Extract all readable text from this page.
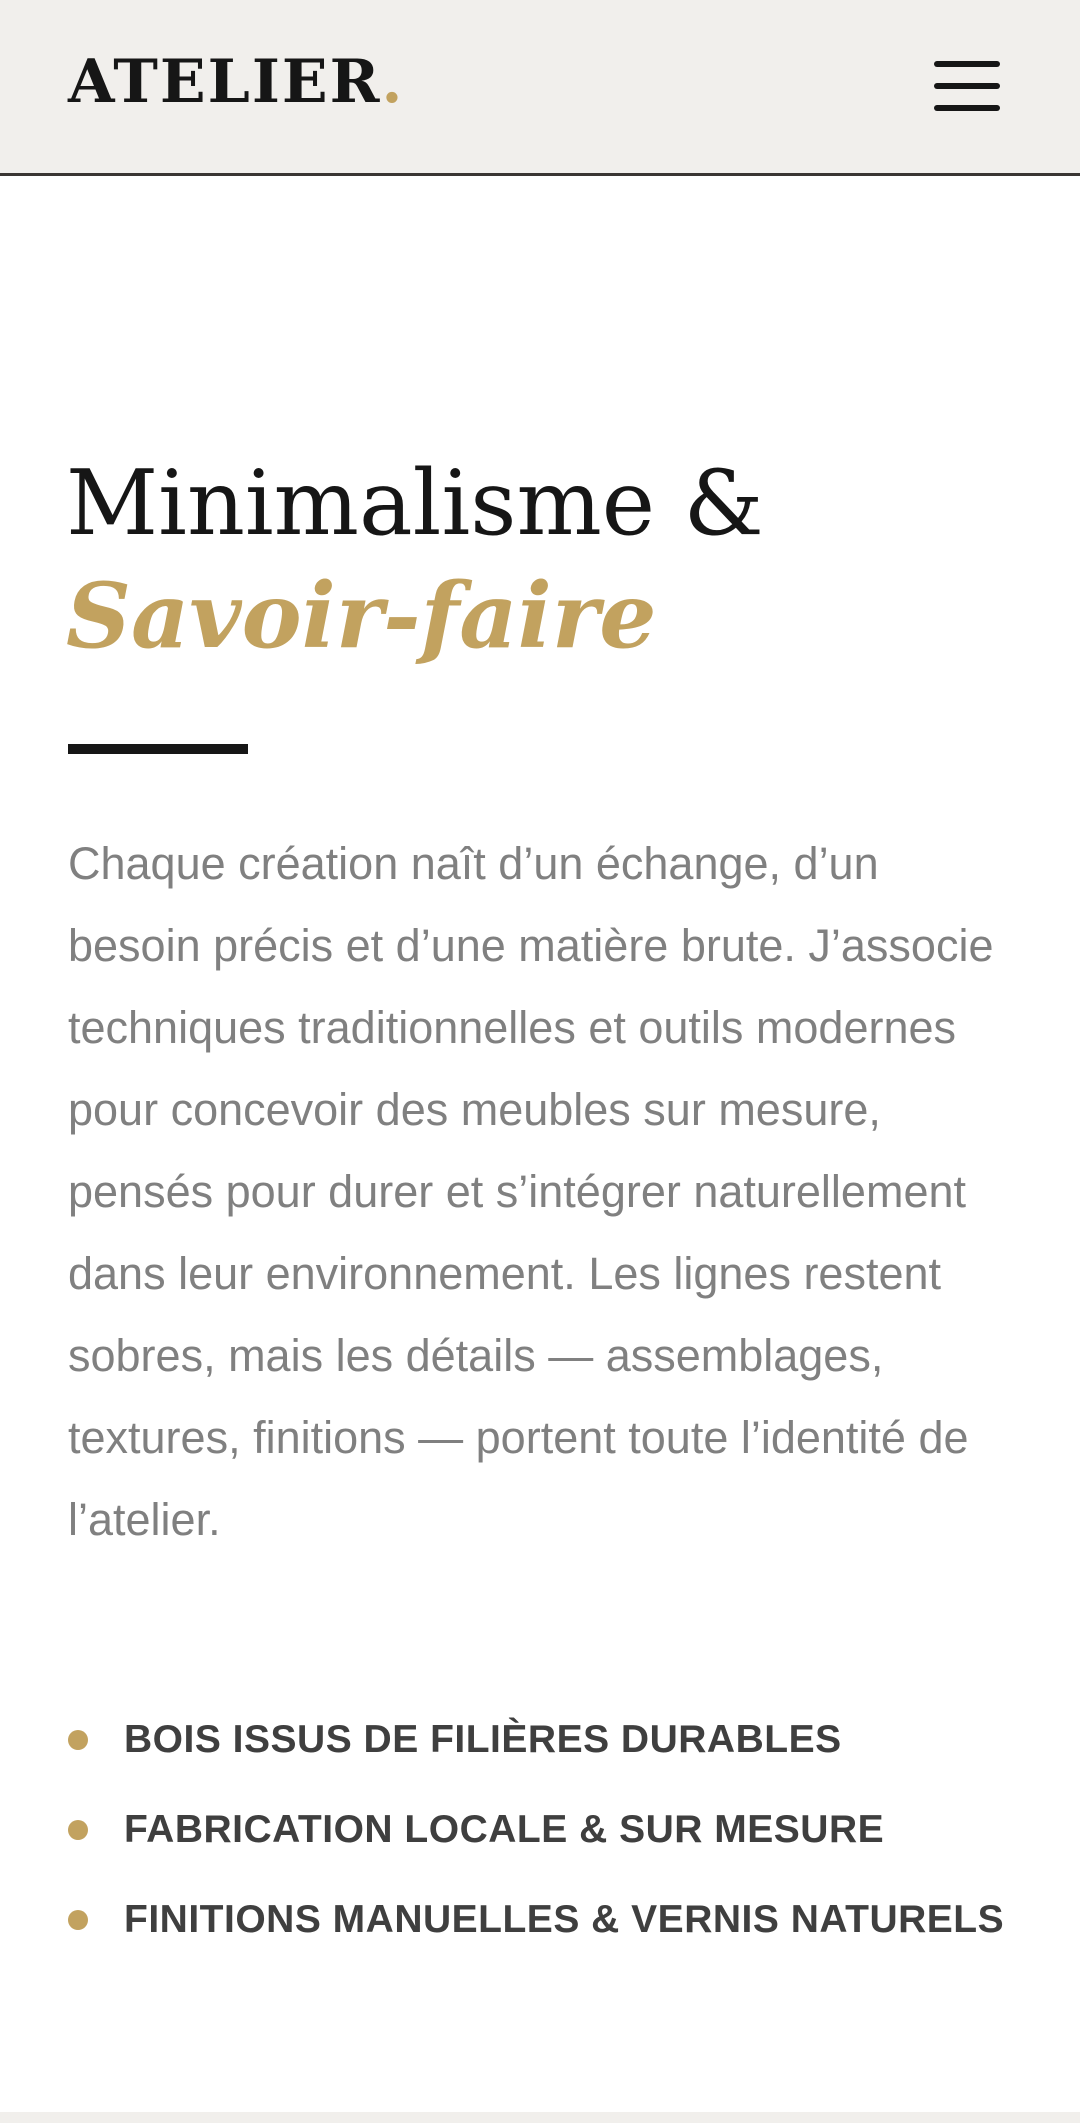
ATELIER.
Minimalisme &
Savoir-faire

Chaque création naît d’un échange, d’un besoin précis et d’une matière brute. J’associe techniques traditionnelles et outils modernes pour concevoir des meubles sur mesure, pensés pour durer et s’intégrer naturellement dans leur environnement. Les lignes restent sobres, mais les détails — assemblages, textures, finitions — portent toute l’identité de l’atelier.

BOIS ISSUS DE FILIÈRES DURABLES
FABRICATION LOCALE & SUR MESURE
FINITIONS MANUELLES & VERNIS NATURELS
